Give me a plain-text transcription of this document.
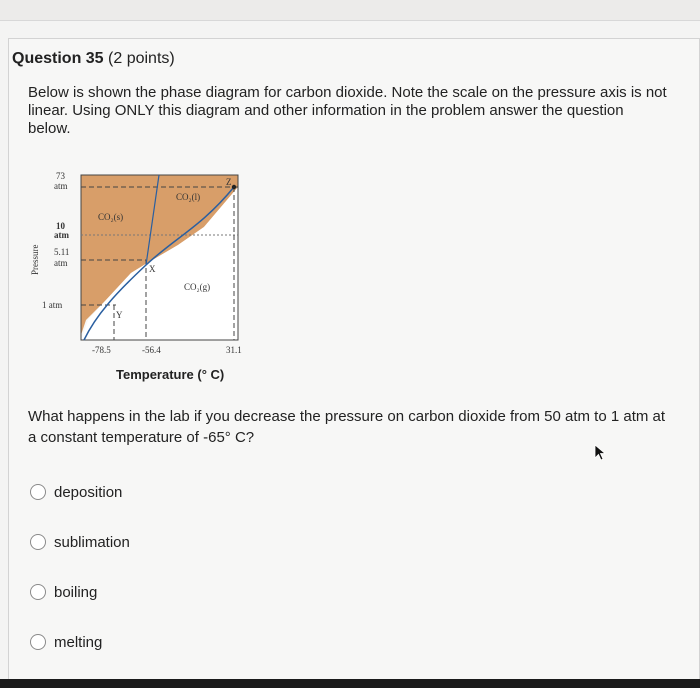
Question 35 (2 points)
Below is shown the phase diagram for carbon dioxide. Note the scale on the pressure axis is not linear. Using ONLY this diagram and other information in the problem answer the question below.
73
atm
10
atm
5.11
atm
1 atm
-78.5	-56.4	31.1
CO₂(s)
CO₂(l)
CO₂(g)
X
Y
Z
Pressure
Temperature (° C)
What happens in the lab if you decrease the pressure on carbon dioxide from 50 atm to 1 atm at a constant temperature of -65° C?
deposition
sublimation
boiling
melting
